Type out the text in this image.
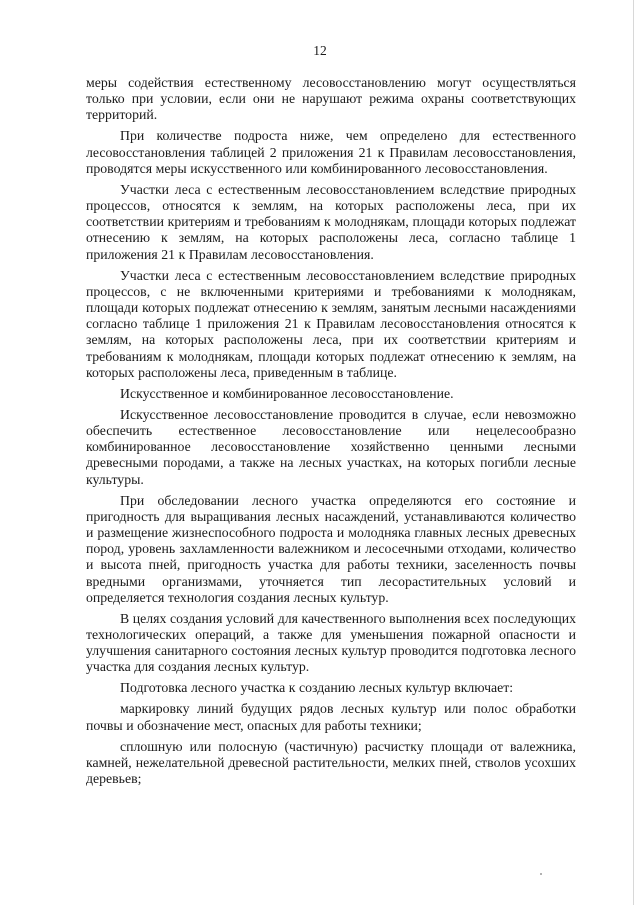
12

меры содействия естественному лесовосстановлению могут осуществляться только при условии, если они не нарушают режима охраны соответствующих территорий.

При количестве подроста ниже, чем определено для естественного лесовосстановления таблицей 2 приложения 21 к Правилам лесовосстановления, проводятся меры искусственного или комбинированного лесовосстановления.

Участки леса с естественным лесовосстановлением вследствие природных процессов, относятся к землям, на которых расположены леса, при их соответствии критериям и требованиям к молоднякам, площади которых подлежат отнесению к землям, на которых расположены леса, согласно таблице 1 приложения 21 к Правилам лесовосстановления.

Участки леса с естественным лесовосстановлением вследствие природных процессов, с не включенными критериями и требованиями к молоднякам, площади которых подлежат отнесению к землям, занятым лесными насаждениями согласно таблице 1 приложения 21 к Правилам лесовосстановления относятся к землям, на которых расположены леса, при их соответствии критериям и требованиям к молоднякам, площади которых подлежат отнесению к землям, на которых расположены леса, приведенным в таблице.

Искусственное и комбинированное лесовосстановление.

Искусственное лесовосстановление проводится в случае, если невозможно обеспечить естественное лесовосстановление или нецелесообразно комбинированное лесовосстановление хозяйственно ценными лесными древесными породами, а также на лесных участках, на которых погибли лесные культуры.

При обследовании лесного участка определяются его состояние и пригодность для выращивания лесных насаждений, устанавливаются количество и размещение жизнеспособного подроста и молодняка главных лесных древесных пород, уровень захламленности валежником и лесосечными отходами, количество и высота пней, пригодность участка для работы техники, заселенность почвы вредными организмами, уточняется тип лесорастительных условий и определяется технология создания лесных культур.

В целях создания условий для качественного выполнения всех последующих технологических операций, а также для уменьшения пожарной опасности и улучшения санитарного состояния лесных культур проводится подготовка лесного участка для создания лесных культур.

Подготовка лесного участка к созданию лесных культур включает:

маркировку линий будущих рядов лесных культур или полос обработки почвы и обозначение мест, опасных для работы техники;

сплошную или полосную (частичную) расчистку площади от валежника, камней, нежелательной древесной растительности, мелких пней, стволов усохших деревьев;
